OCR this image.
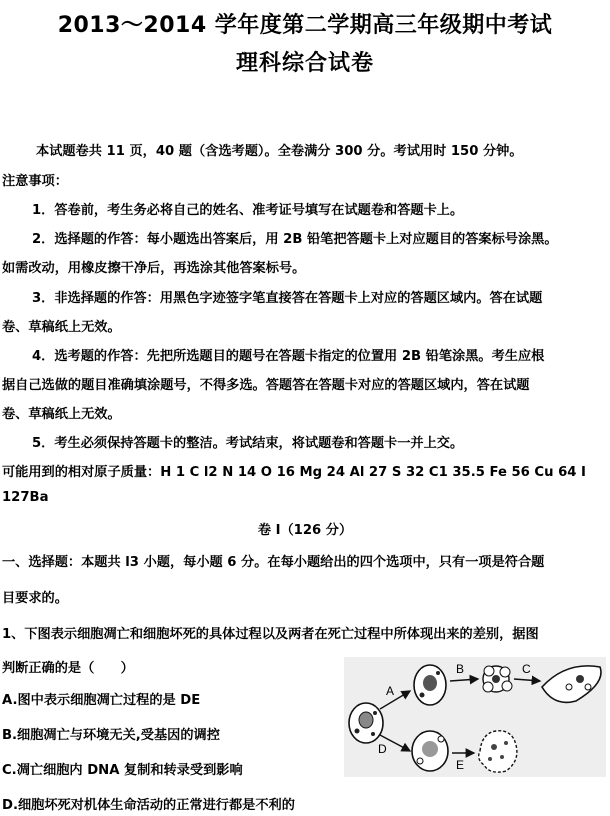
2013～2014 学年度第二学期高三年级期中考试
理科综合试卷
本试题卷共 11 页，40 题（含选考题）。全卷满分 300 分。考试用时 150 分钟。
注意事项：
1．答卷前，考生务必将自己的姓名、准考证号填写在试题卷和答题卡上。
2．选择题的作答：每小题选出答案后，用 2B 铅笔把答题卡上对应题目的答案标号涂黑。
如需改动，用橡皮擦干净后，再选涂其他答案标号。
3．非选择题的作答：用黑色字迹签字笔直接答在答题卡上对应的答题区域内。答在试题
卷、草稿纸上无效。
4．选考题的作答：先把所选题目的题号在答题卡指定的位置用 2B 铅笔涂黑。考生应根
据自己选做的题目准确填涂题号，不得多选。答题答在答题卡对应的答题区域内，答在试题
卷、草稿纸上无效。
5．考生必须保持答题卡的整洁。考试结束，将试题卷和答题卡一并上交。
可能用到的相对原子质量：H 1 C l2 N 14 O 16 Mg 24 Al 27 S 32 C1 35.5 Fe 56 Cu 64 I
127Ba
卷 I（126 分）
一、选择题：本题共 l3 小题，每小题 6 分。在每小题给出的四个选项中，只有一项是符合题
目要求的。
1、下图表示细胞凋亡和细胞坏死的具体过程以及两者在死亡过程中所体现出来的差别，据图
判断正确的是（　　）
A.图中表示细胞凋亡过程的是 DE
B.细胞凋亡与环境无关,受基因的调控
C.凋亡细胞内 DNA 复制和转录受到影响
D.细胞坏死对机体生命活动的正常进行都是不利的
A
B	C
D
E
